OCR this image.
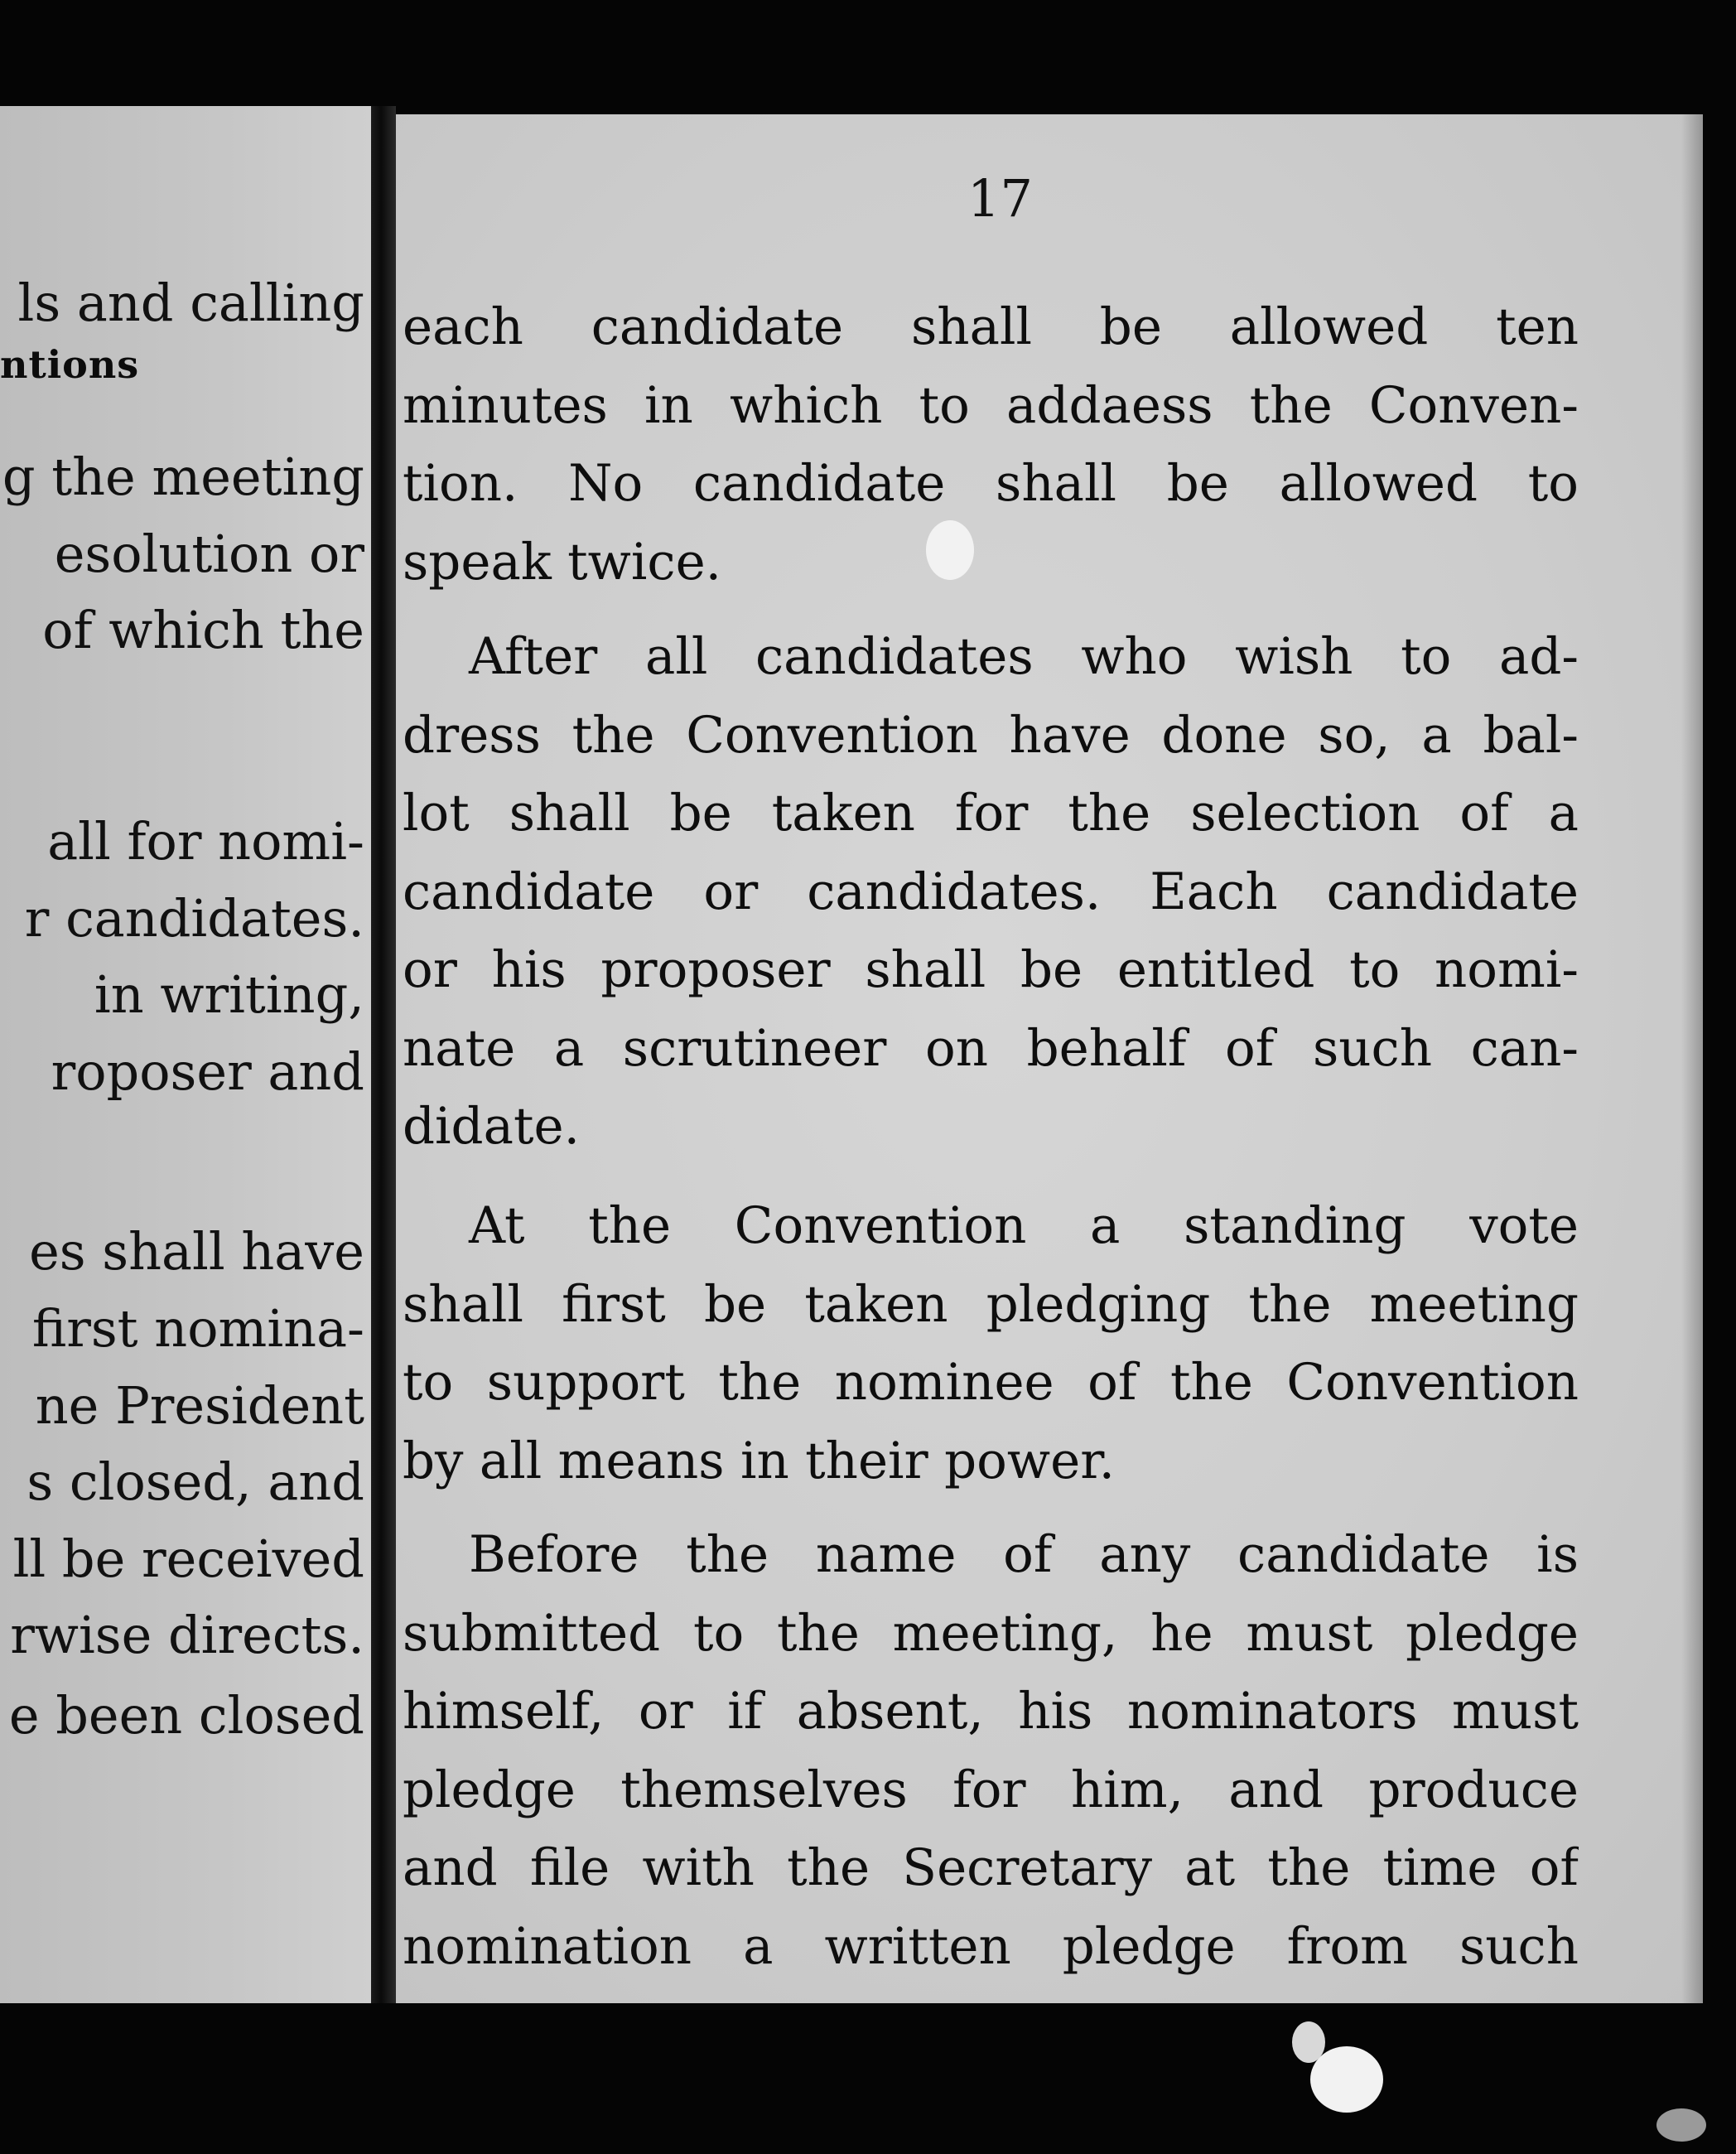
ntions
ls and calling
g the meeting
esolution or
of which the
all for nomi-
r candidates.
in writing,
roposer and
es shall have
first nomina-
ne President
s closed, and
ll be received
rwise directs.
e been closed
17
each candidate shall be allowed ten
minutes in which to addaess the Conven-
tion. No candidate shall be allowed to
speak twice.
After all candidates who wish to ad-
dress the Convention have done so, a bal-
lot shall be taken for the selection of a
candidate or candidates. Each candidate
or his proposer shall be entitled to nomi-
nate a scrutineer on behalf of such can-
didate.
At the Convention a standing vote
shall first be taken pledging the meeting
to support the nominee of the Convention
by all means in their power.
Before the name of any candidate is
submitted to the meeting, he must pledge
himself, or if absent, his nominators must
pledge themselves for him, and produce
and file with the Secretary at the time of
nomination a written pledge from such
